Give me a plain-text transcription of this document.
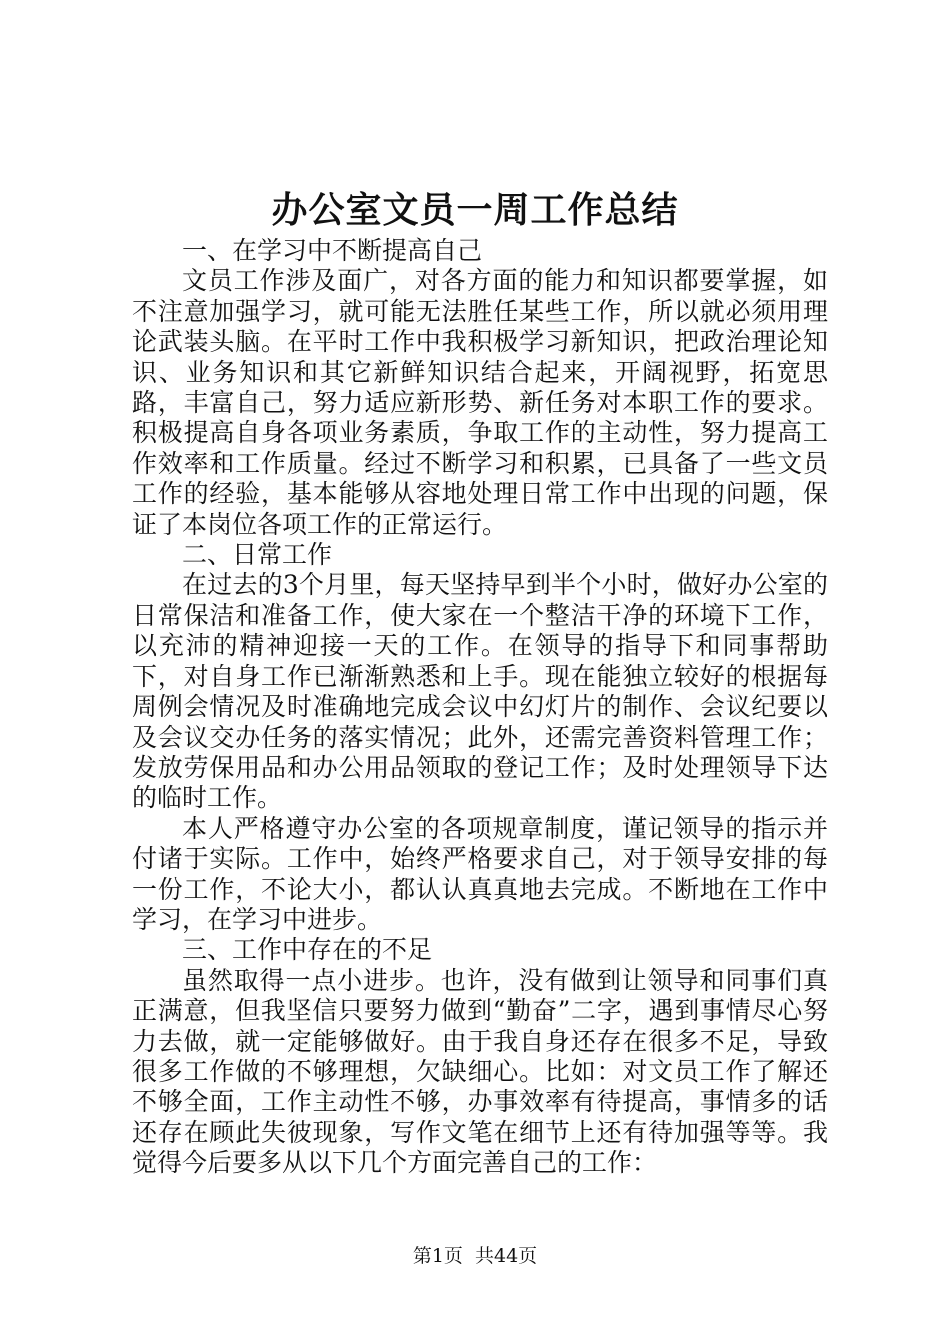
办公室文员一周工作总结

一、在学习中不断提高自己

文员工作涉及面广，对各方面的能力和知识都要掌握，如不注意加强学习，就可能无法胜任某些工作，所以就必须用理论武装头脑。在平时工作中我积极学习新知识，把政治理论知识、业务知识和其它新鲜知识结合起来，开阔视野，拓宽思路，丰富自己，努力适应新形势、新任务对本职工作的要求。积极提高自身各项业务素质，争取工作的主动性，努力提高工作效率和工作质量。经过不断学习和积累，已具备了一些文员工作的经验，基本能够从容地处理日常工作中出现的问题，保证了本岗位各项工作的正常运行。

二、日常工作

在过去的3个月里，每天坚持早到半个小时，做好办公室的日常保洁和准备工作，使大家在一个整洁干净的环境下工作，以充沛的精神迎接一天的工作。在领导的指导下和同事帮助下，对自身工作已渐渐熟悉和上手。现在能独立较好的根据每周例会情况及时准确地完成会议中幻灯片的制作、会议纪要以及会议交办任务的落实情况；此外，还需完善资料管理工作；发放劳保用品和办公用品领取的登记工作；及时处理领导下达的临时工作。

本人严格遵守办公室的各项规章制度，谨记领导的指示并付诸于实际。工作中，始终严格要求自己，对于领导安排的每一份工作，不论大小，都认认真真地去完成。不断地在工作中学习，在学习中进步。

三、工作中存在的不足

虽然取得一点小进步。也许，没有做到让领导和同事们真正满意，但我坚信只要努力做到“勤奋”二字，遇到事情尽心努力去做，就一定能够做好。由于我自身还存在很多不足，导致很多工作做的不够理想，欠缺细心。比如：对文员工作了解还不够全面，工作主动性不够，办事效率有待提高，事情多的话还存在顾此失彼现象，写作文笔在细节上还有待加强等等。我觉得今后要多从以下几个方面完善自己的工作：

第1页 共44页
